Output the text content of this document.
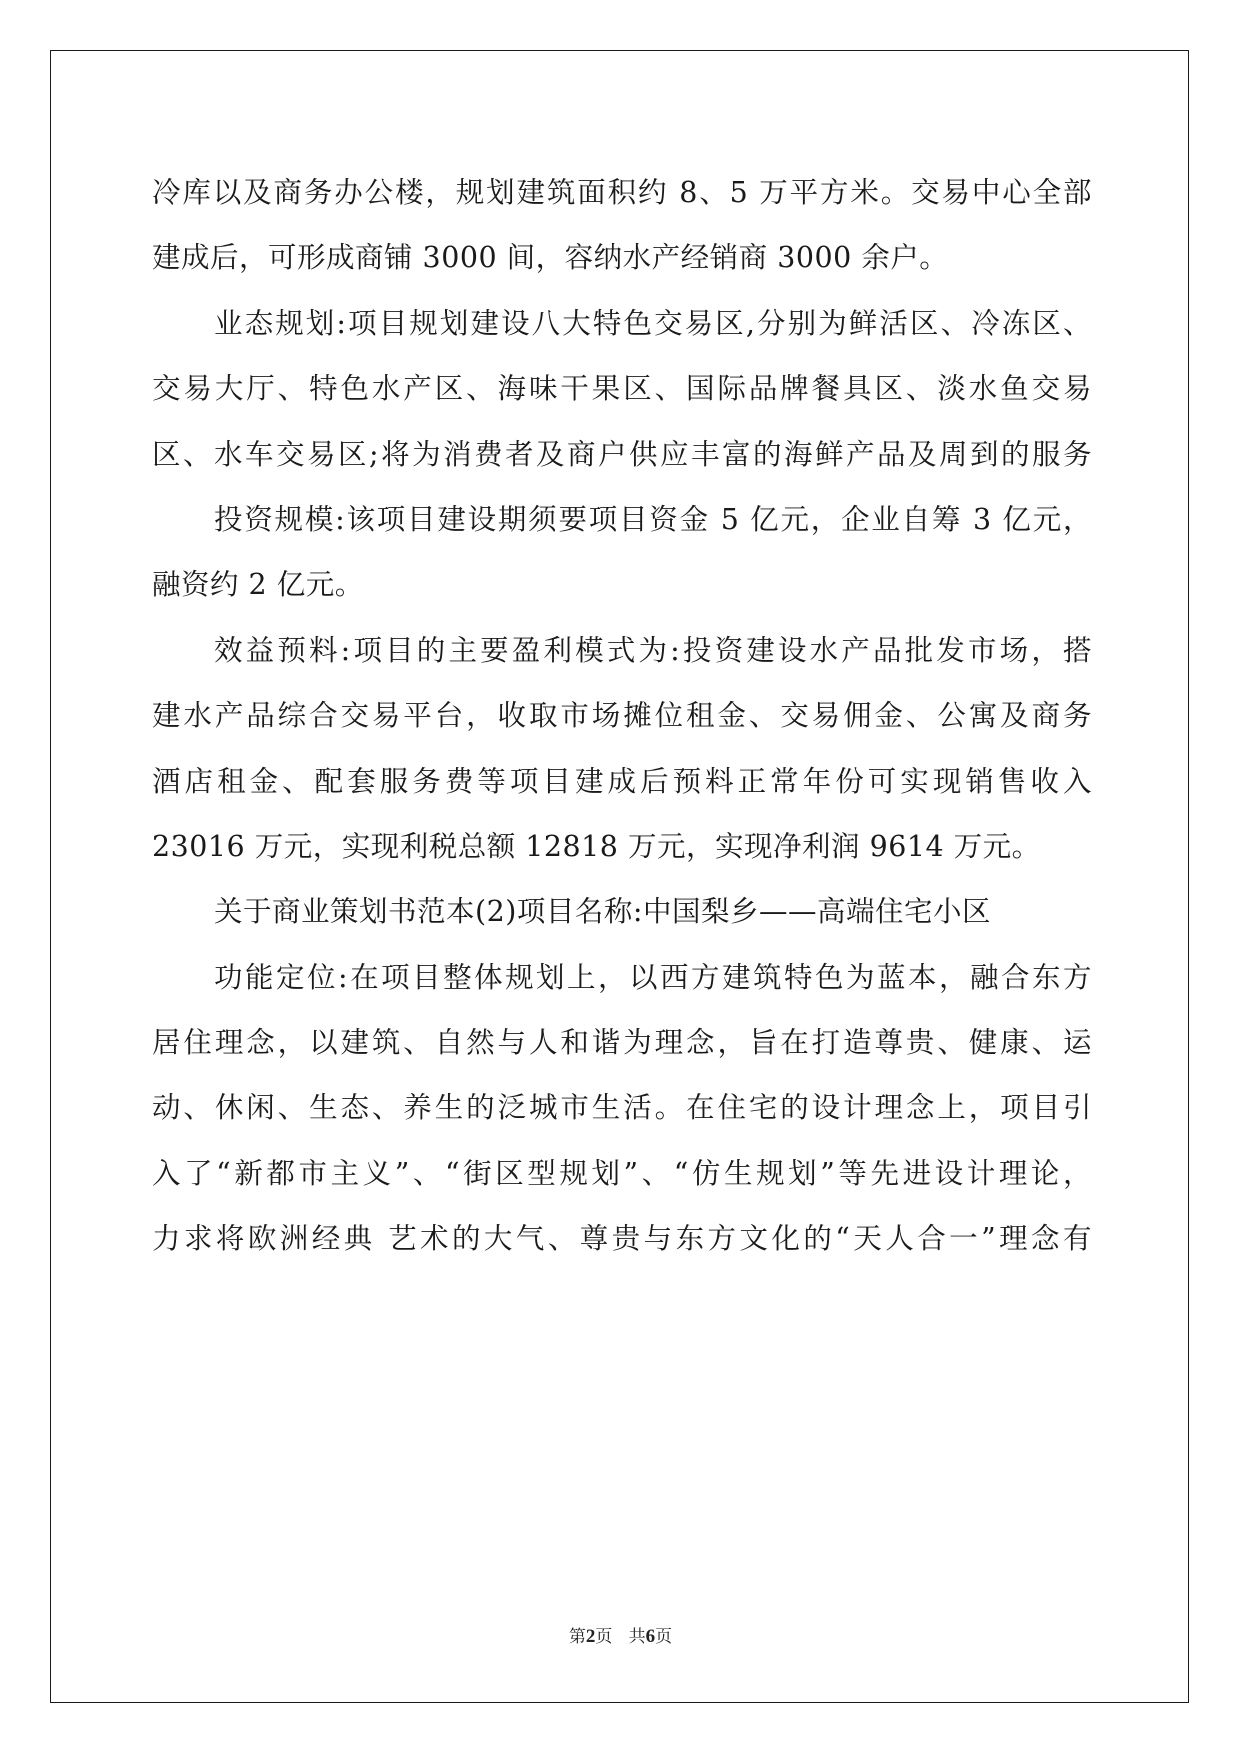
冷库以及商务办公楼，规划建筑面积约 8、5 万平方米。交易中心全部
建成后，可形成商铺 3000 间，容纳水产经销商 3000 余户。
业态规划:项目规划建设八大特色交易区,分别为鲜活区、冷冻区、
交易大厅、特色水产区、海味干果区、国际品牌餐具区、淡水鱼交易
区、水车交易区;将为消费者及商户供应丰富的海鲜产品及周到的服务
投资规模:该项目建设期须要项目资金 5 亿元，企业自筹 3 亿元，
融资约 2 亿元。
效益预料:项目的主要盈利模式为:投资建设水产品批发市场，搭
建水产品综合交易平台，收取市场摊位租金、交易佣金、公寓及商务
酒店租金、配套服务费等项目建成后预料正常年份可实现销售收入
23016 万元，实现利税总额 12818 万元，实现净利润 9614 万元。
关于商业策划书范本(2)项目名称:中国梨乡——高端住宅小区
功能定位:在项目整体规划上，以西方建筑特色为蓝本，融合东方
居住理念，以建筑、自然与人和谐为理念，旨在打造尊贵、健康、运
动、休闲、生态、养生的泛城市生活。在住宅的设计理念上，项目引
入了“新都市主义”、“街区型规划”、“仿生规划”等先进设计理论，
力求将欧洲经典 艺术的大气、尊贵与东方文化的“天人合一”理念有
第2页   共6页
